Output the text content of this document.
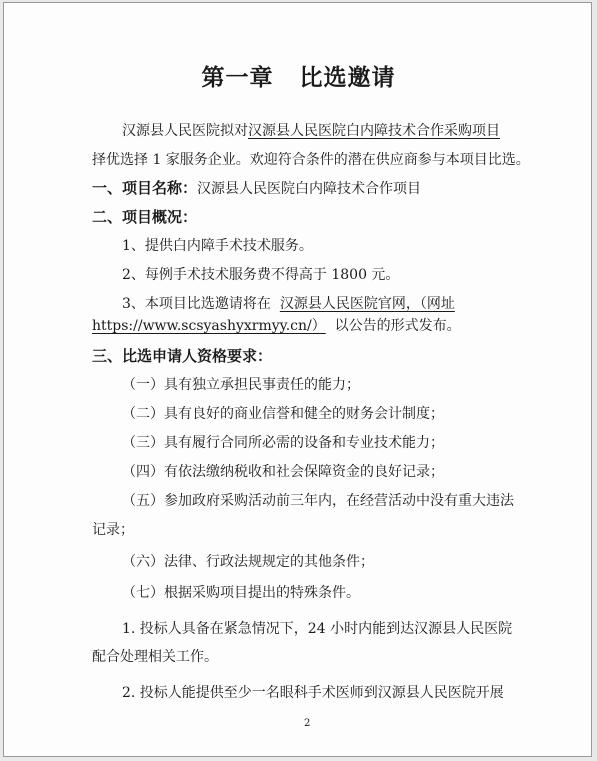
第一章 比选邀请
汉源县人民医院拟对汉源县人民医院白内障技术合作采购项目
择优选择 1 家服务企业。欢迎符合条件的潜在供应商参与本项目比选。
一、项目名称：汉源县人民医院白内障技术合作项目
二、项目概况：
1、提供白内障手术技术服务。
2、每例手术技术服务费不得高于 1800 元。
3、本项目比选邀请将在 汉源县人民医院官网，（网址
https://www.scsyashyxrmyy.cn/） 以公告的形式发布。
三、比选申请人资格要求：
（一）具有独立承担民事责任的能力；
（二）具有良好的商业信誉和健全的财务会计制度；
（三）具有履行合同所必需的设备和专业技术能力；
（四）有依法缴纳税收和社会保障资金的良好记录；
（五）参加政府采购活动前三年内，在经营活动中没有重大违法
记录；
（六）法律、行政法规规定的其他条件；
（七）根据采购项目提出的特殊条件。
1. 投标人具备在紧急情况下，24 小时内能到达汉源县人民医院
配合处理相关工作。
2. 投标人能提供至少一名眼科手术医师到汉源县人民医院开展
2
